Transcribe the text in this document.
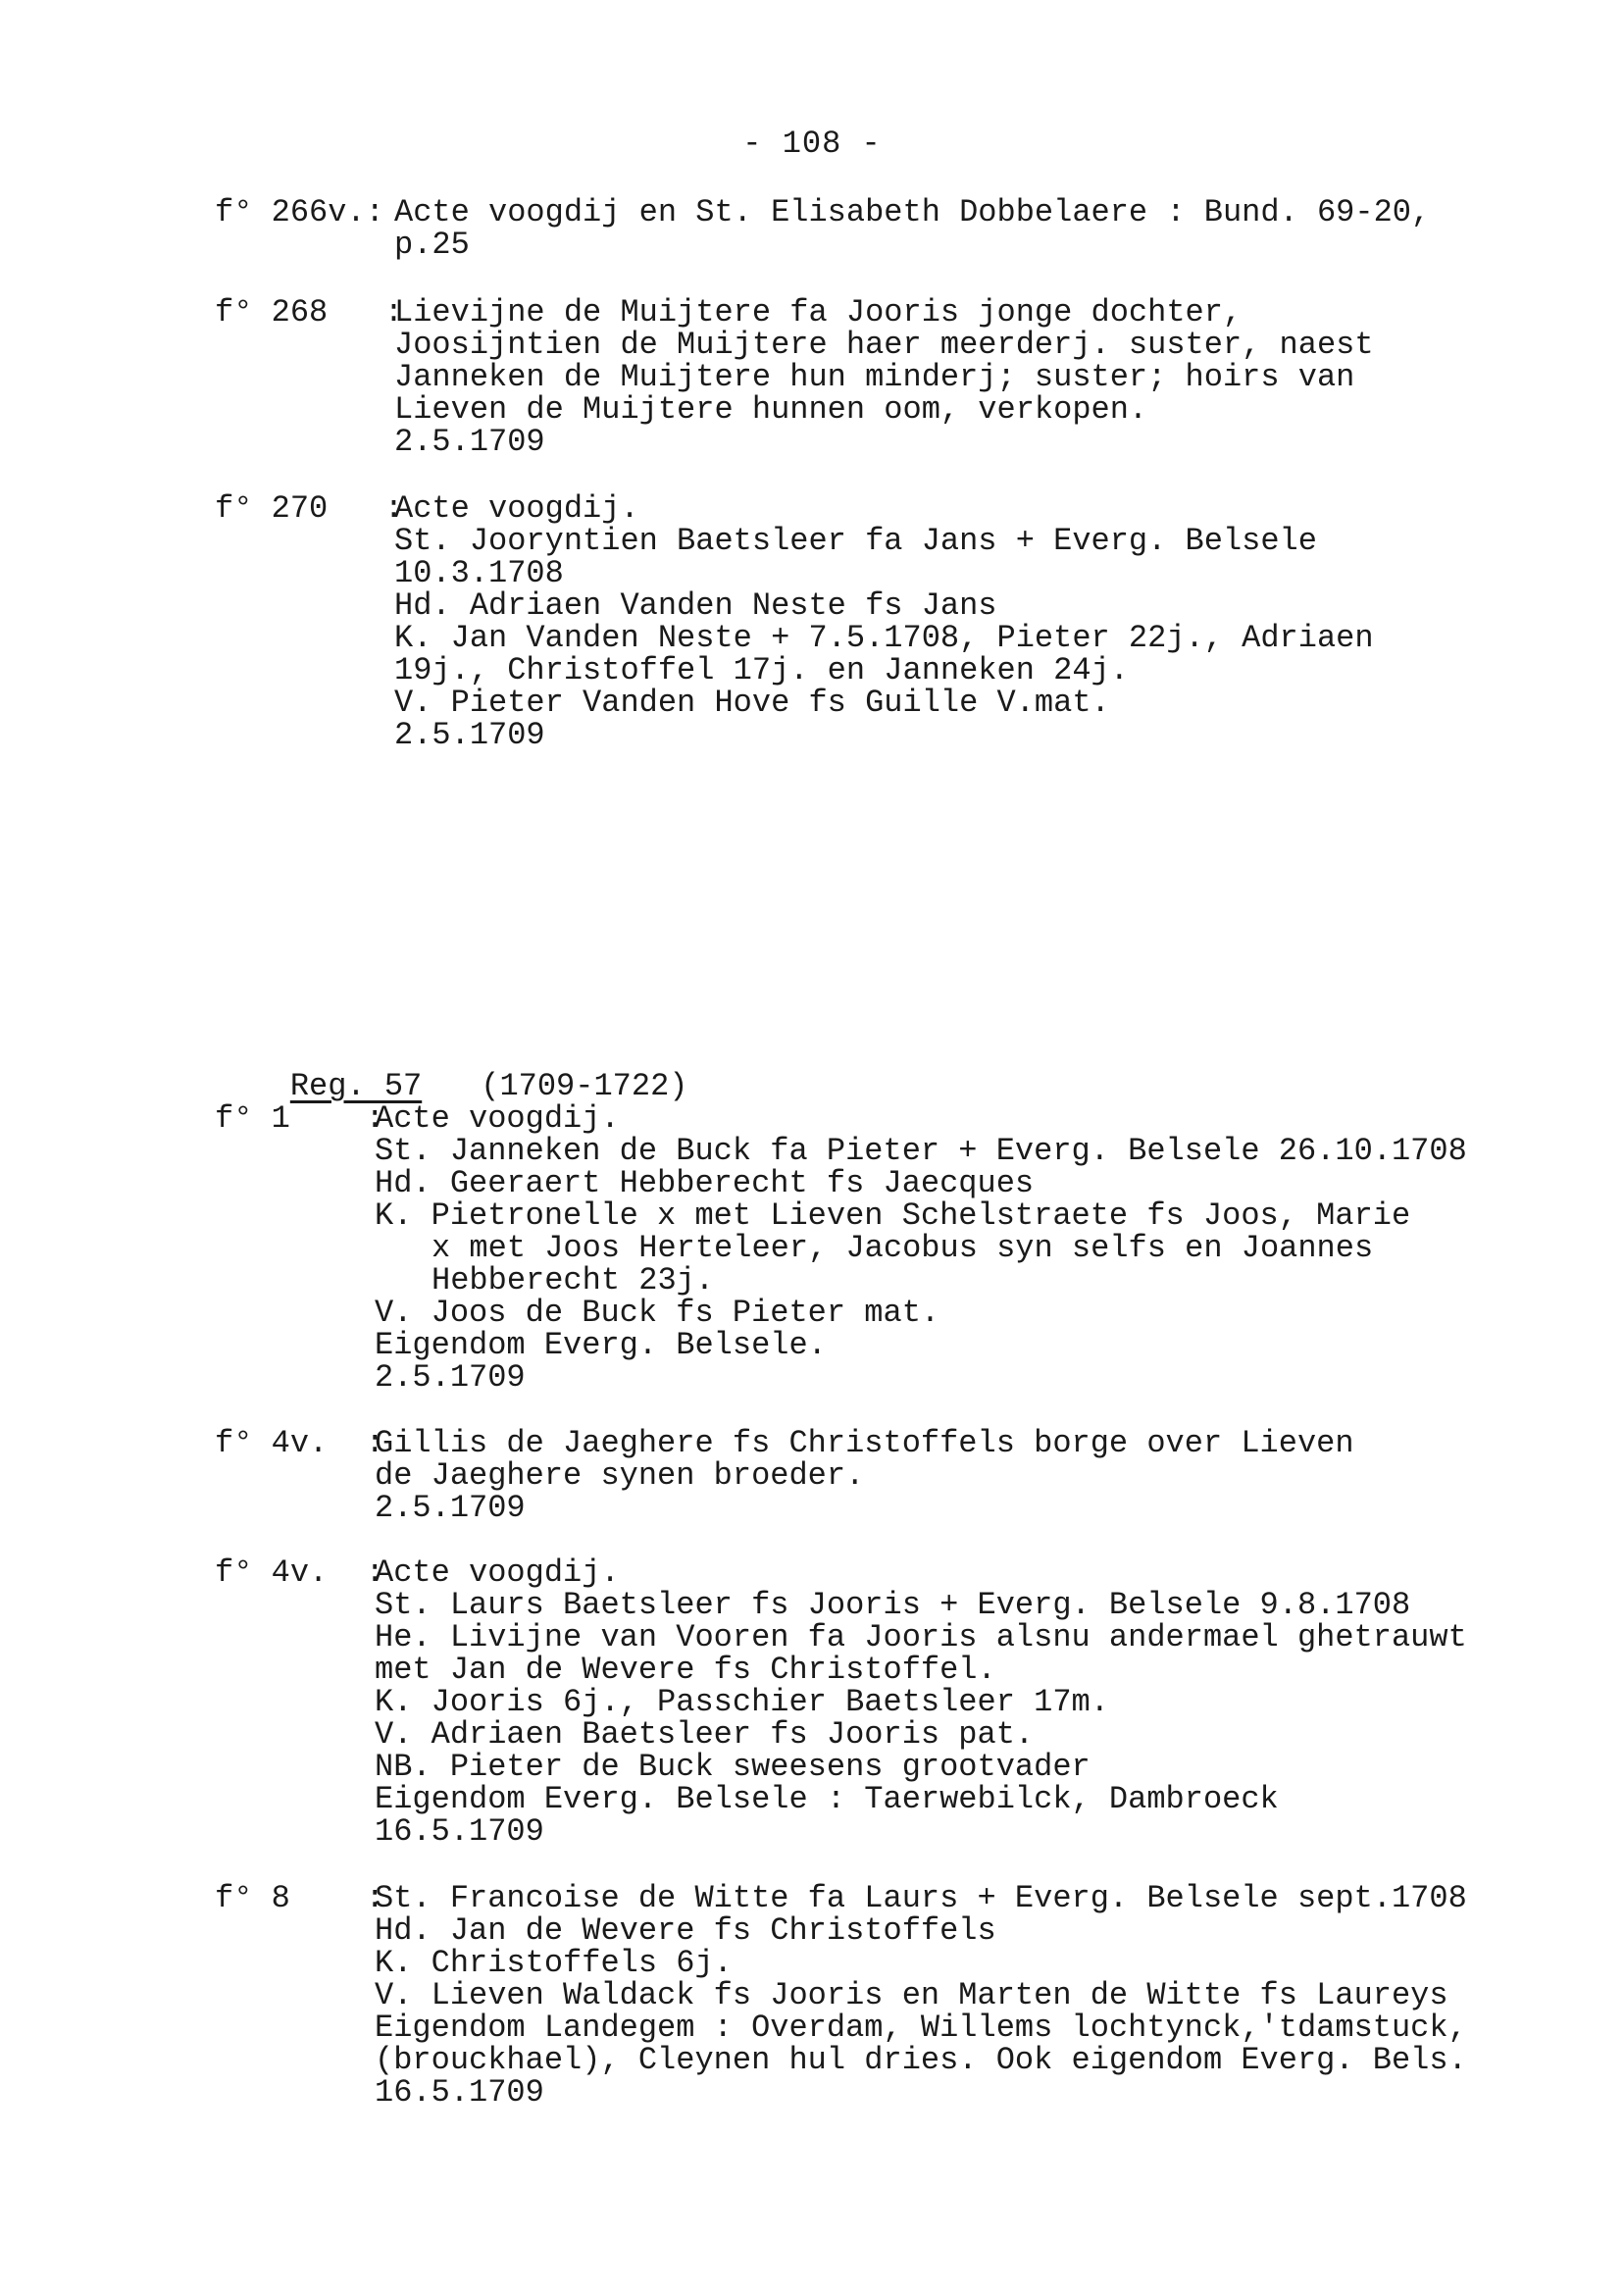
- 108 -
f° 266v.: Acte voogdij en St. Elisabeth Dobbelaere : Bund. 69-20,
p.25
f° 268   :
Lievijne de Muijtere fa Jooris jonge dochter,
Joosijntien de Muijtere haer meerderj. suster, naest
Janneken de Muijtere hun minderj; suster; hoirs van
Lieven de Muijtere hunnen oom, verkopen.
2.5.1709
f° 270   :
Acte voogdij.
St. Jooryntien Baetsleer fa Jans + Everg. Belsele
10.3.1708
Hd. Adriaen Vanden Neste fs Jans
K. Jan Vanden Neste + 7.5.1708, Pieter 22j., Adriaen
19j., Christoffel 17j. en Janneken 24j.
V. Pieter Vanden Hove fs Guille V.mat.
2.5.1709

Reg. 57 (1709-1722)

f° 1    :
Acte voogdij.
St. Janneken de Buck fa Pieter + Everg. Belsele 26.10.1708
Hd. Geeraert Hebberecht fs Jaecques
K. Pietronelle x met Lieven Schelstraete fs Joos, Marie
x met Joos Herteleer, Jacobus syn selfs en Joannes
Hebberecht 23j.
V. Joos de Buck fs Pieter mat.
Eigendom Everg. Belsele.
2.5.1709
f° 4v.  :
Gillis de Jaeghere fs Christoffels borge over Lieven
de Jaeghere synen broeder.
2.5.1709
f° 4v.  :
Acte voogdij.
St. Laurs Baetsleer fs Jooris + Everg. Belsele 9.8.1708
He. Livijne van Vooren fa Jooris alsnu andermael ghetrauwt
met Jan de Wevere fs Christoffel.
K. Jooris 6j., Passchier Baetsleer 17m.
V. Adriaen Baetsleer fs Jooris pat.
NB. Pieter de Buck sweesens grootvader
Eigendom Everg. Belsele : Taerwebilck, Dambroeck
16.5.1709
f° 8    :
St. Francoise de Witte fa Laurs + Everg. Belsele sept.1708
Hd. Jan de Wevere fs Christoffels
K. Christoffels 6j.
V. Lieven Waldack fs Jooris en Marten de Witte fs Laureys
Eigendom Landegem : Overdam, Willems lochtynck,'tdamstuck,
(brouckhael), Cleynen hul dries. Ook eigendom Everg. Bels.
16.5.1709
